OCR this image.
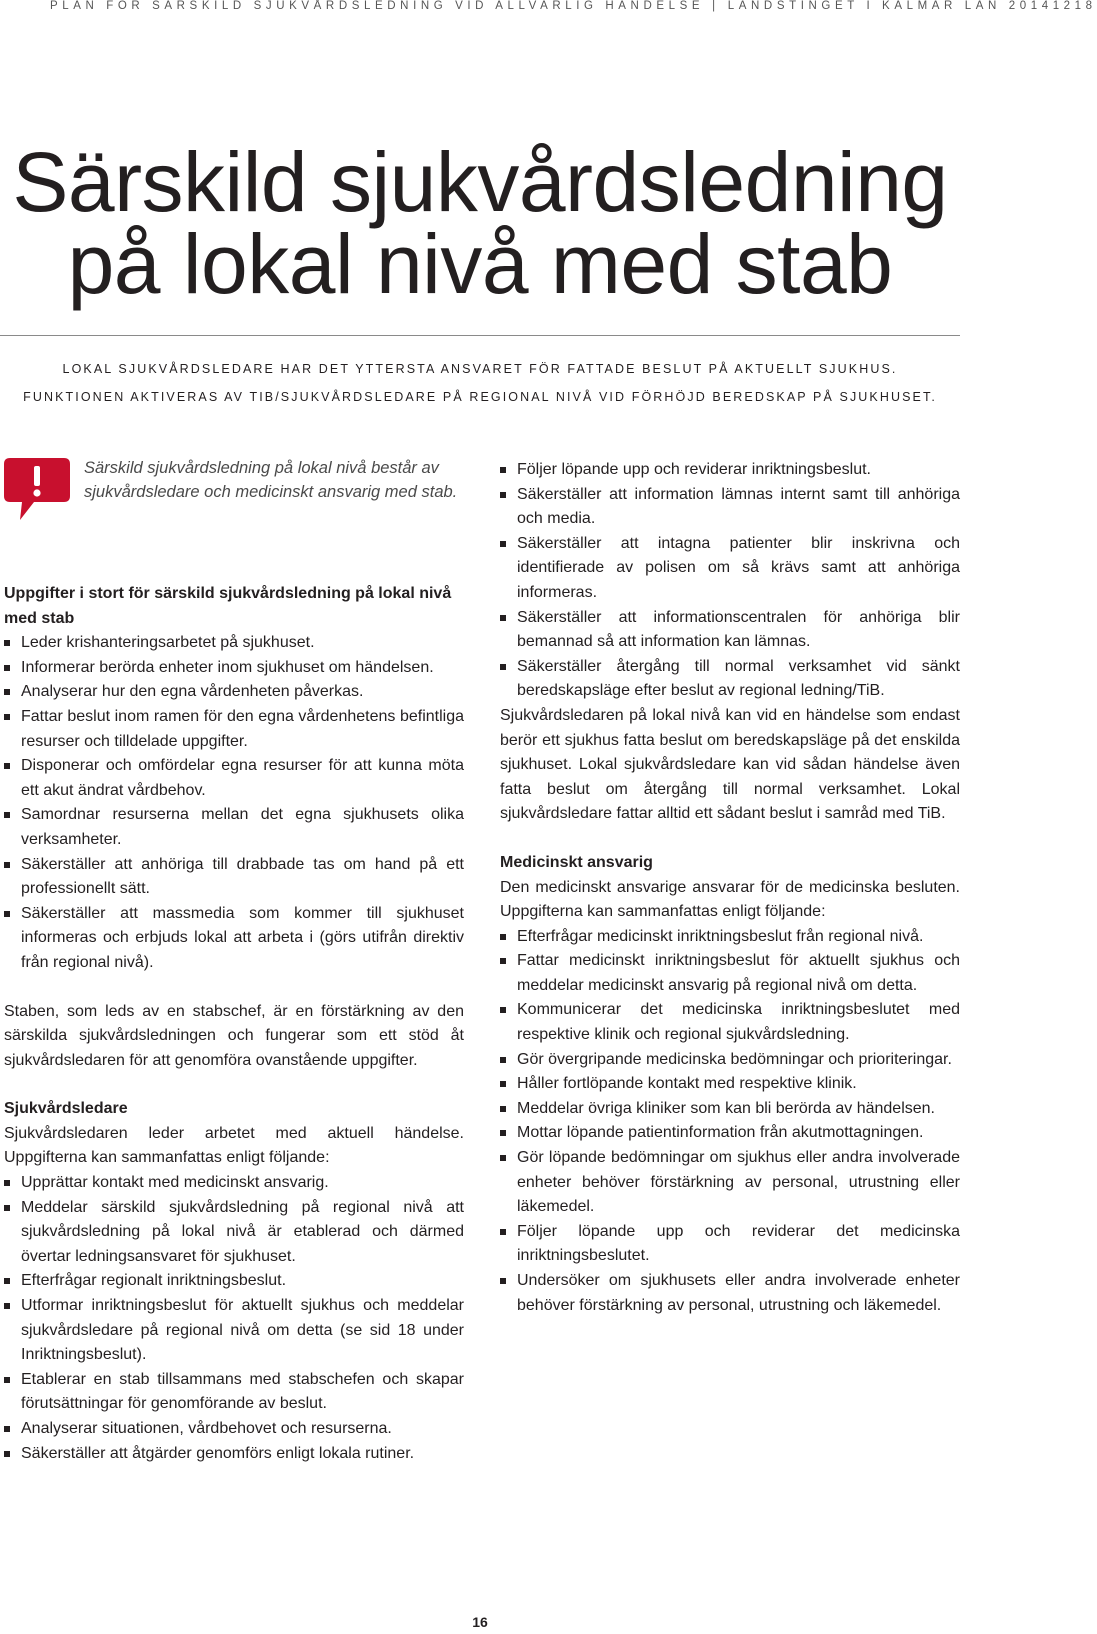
PLAN FÖR SÄRSKILD SJUKVÅRDSLEDNING VID ALLVARLIG HÄNDELSE | LANDSTINGET I KALMAR LÄN 20141218
Särskild sjukvårdsledning
på lokal nivå med stab
LOKAL SJUKVÅRDSLEDARE HAR DET YTTERSTA ANSVARET FÖR FATTADE BESLUT PÅ AKTUELLT SJUKHUS.
FUNKTIONEN AKTIVERAS AV TIB/SJUKVÅRDSLEDARE PÅ REGIONAL NIVÅ VID FÖRHÖJD BEREDSKAP PÅ SJUKHUSET.
Särskild sjukvårdsledning på lokal nivå består av sjukvårdsledare och medicinskt ansvarig med stab.

Uppgifter i stort för särskild sjukvårdsledning på lokal nivå med stab

Leder krishanteringsarbetet på sjukhuset.
Informerar berörda enheter inom sjukhuset om händelsen.
Analyserar hur den egna vårdenheten påverkas.
Fattar beslut inom ramen för den egna vårdenhetens befintliga resurser och tilldelade uppgifter.
Disponerar och omfördelar egna resurser för att kunna möta ett akut ändrat vårdbehov.
Samordnar resurserna mellan det egna sjukhusets olika verksamheter.
Säkerställer att anhöriga till drabbade tas om hand på ett professionellt sätt.
Säkerställer att massmedia som kommer till sjukhuset informeras och erbjuds lokal att arbeta i (görs utifrån direktiv från regional nivå).

Staben, som leds av en stabschef, är en förstärkning av den särskilda sjukvårdsledningen och fungerar som ett stöd åt sjukvårdsledaren för att genomföra ovanstående uppgifter.

Sjukvårdsledare

Sjukvårdsledaren leder arbetet med aktuell händelse. Uppgifterna kan sammanfattas enligt följande:

Upprättar kontakt med medicinskt ansvarig.
Meddelar särskild sjukvårdsledning på regional nivå att sjukvårdsledning på lokal nivå är etablerad och därmed övertar ledningsansvaret för sjukhuset.
Efterfrågar regionalt inriktningsbeslut.
Utformar inriktningsbeslut för aktuellt sjukhus och meddelar sjukvårdsledare på regional nivå om detta (se sid 18 under Inriktningsbeslut).
Etablerar en stab tillsammans med stabschefen och skapar förutsättningar för genomförande av beslut.
Analyserar situationen, vårdbehovet och resurserna.
Säkerställer att åtgärder genomförs enligt lokala rutiner.
Följer löpande upp och reviderar inriktningsbeslut.
Säkerställer att information lämnas internt samt till anhöriga och media.
Säkerställer att intagna patienter blir inskrivna och identifierade av polisen om så krävs samt att anhöriga informeras.
Säkerställer att informationscentralen för anhöriga blir bemannad så att information kan lämnas.
Säkerställer återgång till normal verksamhet vid sänkt beredskapsläge efter beslut av regional ledning/TiB.

Sjukvårdsledaren på lokal nivå kan vid en händelse som endast berör ett sjukhus fatta beslut om beredskapsläge på det enskilda sjukhuset. Lokal sjukvårdsledare kan vid sådan händelse även fatta beslut om återgång till normal verksamhet. Lokal sjukvårdsledare fattar alltid ett sådant beslut i samråd med TiB.

Medicinskt ansvarig

Den medicinskt ansvarige ansvarar för de medicinska besluten. Uppgifterna kan sammanfattas enligt följande:

Efterfrågar medicinskt inriktningsbeslut från regional nivå.
Fattar medicinskt inriktningsbeslut för aktuellt sjukhus och meddelar medicinskt ansvarig på regional nivå om detta.
Kommunicerar det medicinska inriktningsbeslutet med respektive klinik och regional sjukvårdsledning.
Gör övergripande medicinska bedömningar och prioriteringar.
Håller fortlöpande kontakt med respektive klinik.
Meddelar övriga kliniker som kan bli berörda av händelsen.
Mottar löpande patientinformation från akutmottagningen.
Gör löpande bedömningar om sjukhus eller andra involverade enheter behöver förstärkning av personal, utrustning eller läkemedel.
Följer löpande upp och reviderar det medicinska inriktningsbeslutet.
Undersöker om sjukhusets eller andra involverade enheter behöver förstärkning av personal, utrustning och läkemedel.
16
